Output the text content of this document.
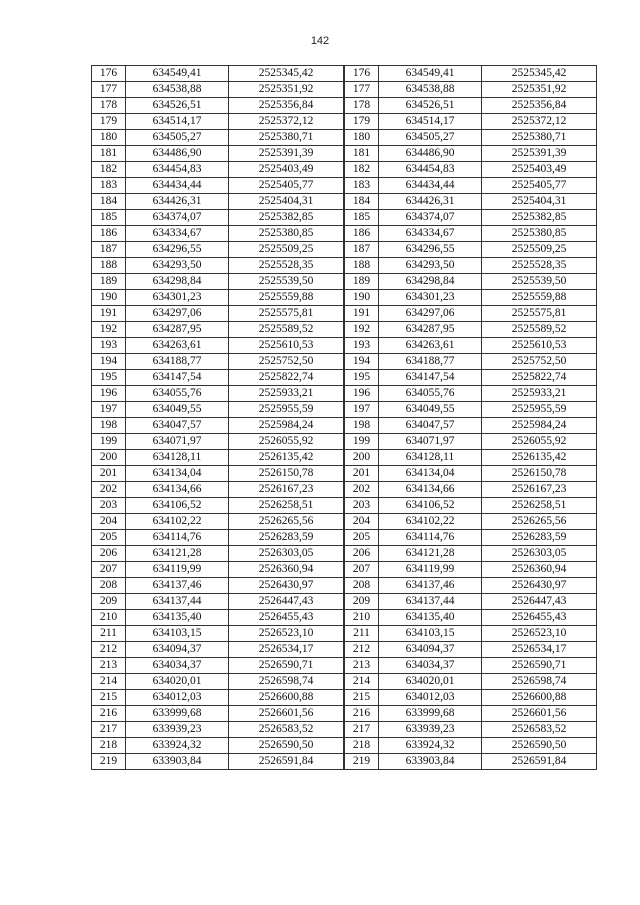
142
176	634549,41	2525345,42
177	634538,88	2525351,92
178	634526,51	2525356,84
179	634514,17	2525372,12
180	634505,27	2525380,71
181	634486,90	2525391,39
182	634454,83	2525403,49
183	634434,44	2525405,77
184	634426,31	2525404,31
185	634374,07	2525382,85
186	634334,67	2525380,85
187	634296,55	2525509,25
188	634293,50	2525528,35
189	634298,84	2525539,50
190	634301,23	2525559,88
191	634297,06	2525575,81
192	634287,95	2525589,52
193	634263,61	2525610,53
194	634188,77	2525752,50
195	634147,54	2525822,74
196	634055,76	2525933,21
197	634049,55	2525955,59
198	634047,57	2525984,24
199	634071,97	2526055,92
200	634128,11	2526135,42
201	634134,04	2526150,78
202	634134,66	2526167,23
203	634106,52	2526258,51
204	634102,22	2526265,56
205	634114,76	2526283,59
206	634121,28	2526303,05
207	634119,99	2526360,94
208	634137,46	2526430,97
209	634137,44	2526447,43
210	634135,40	2526455,43
211	634103,15	2526523,10
212	634094,37	2526534,17
213	634034,37	2526590,71
214	634020,01	2526598,74
215	634012,03	2526600,88
216	633999,68	2526601,56
217	633939,23	2526583,52
218	633924,32	2526590,50
219	633903,84	2526591,84
176	634549,41	2525345,42
177	634538,88	2525351,92
178	634526,51	2525356,84
179	634514,17	2525372,12
180	634505,27	2525380,71
181	634486,90	2525391,39
182	634454,83	2525403,49
183	634434,44	2525405,77
184	634426,31	2525404,31
185	634374,07	2525382,85
186	634334,67	2525380,85
187	634296,55	2525509,25
188	634293,50	2525528,35
189	634298,84	2525539,50
190	634301,23	2525559,88
191	634297,06	2525575,81
192	634287,95	2525589,52
193	634263,61	2525610,53
194	634188,77	2525752,50
195	634147,54	2525822,74
196	634055,76	2525933,21
197	634049,55	2525955,59
198	634047,57	2525984,24
199	634071,97	2526055,92
200	634128,11	2526135,42
201	634134,04	2526150,78
202	634134,66	2526167,23
203	634106,52	2526258,51
204	634102,22	2526265,56
205	634114,76	2526283,59
206	634121,28	2526303,05
207	634119,99	2526360,94
208	634137,46	2526430,97
209	634137,44	2526447,43
210	634135,40	2526455,43
211	634103,15	2526523,10
212	634094,37	2526534,17
213	634034,37	2526590,71
214	634020,01	2526598,74
215	634012,03	2526600,88
216	633999,68	2526601,56
217	633939,23	2526583,52
218	633924,32	2526590,50
219	633903,84	2526591,84
